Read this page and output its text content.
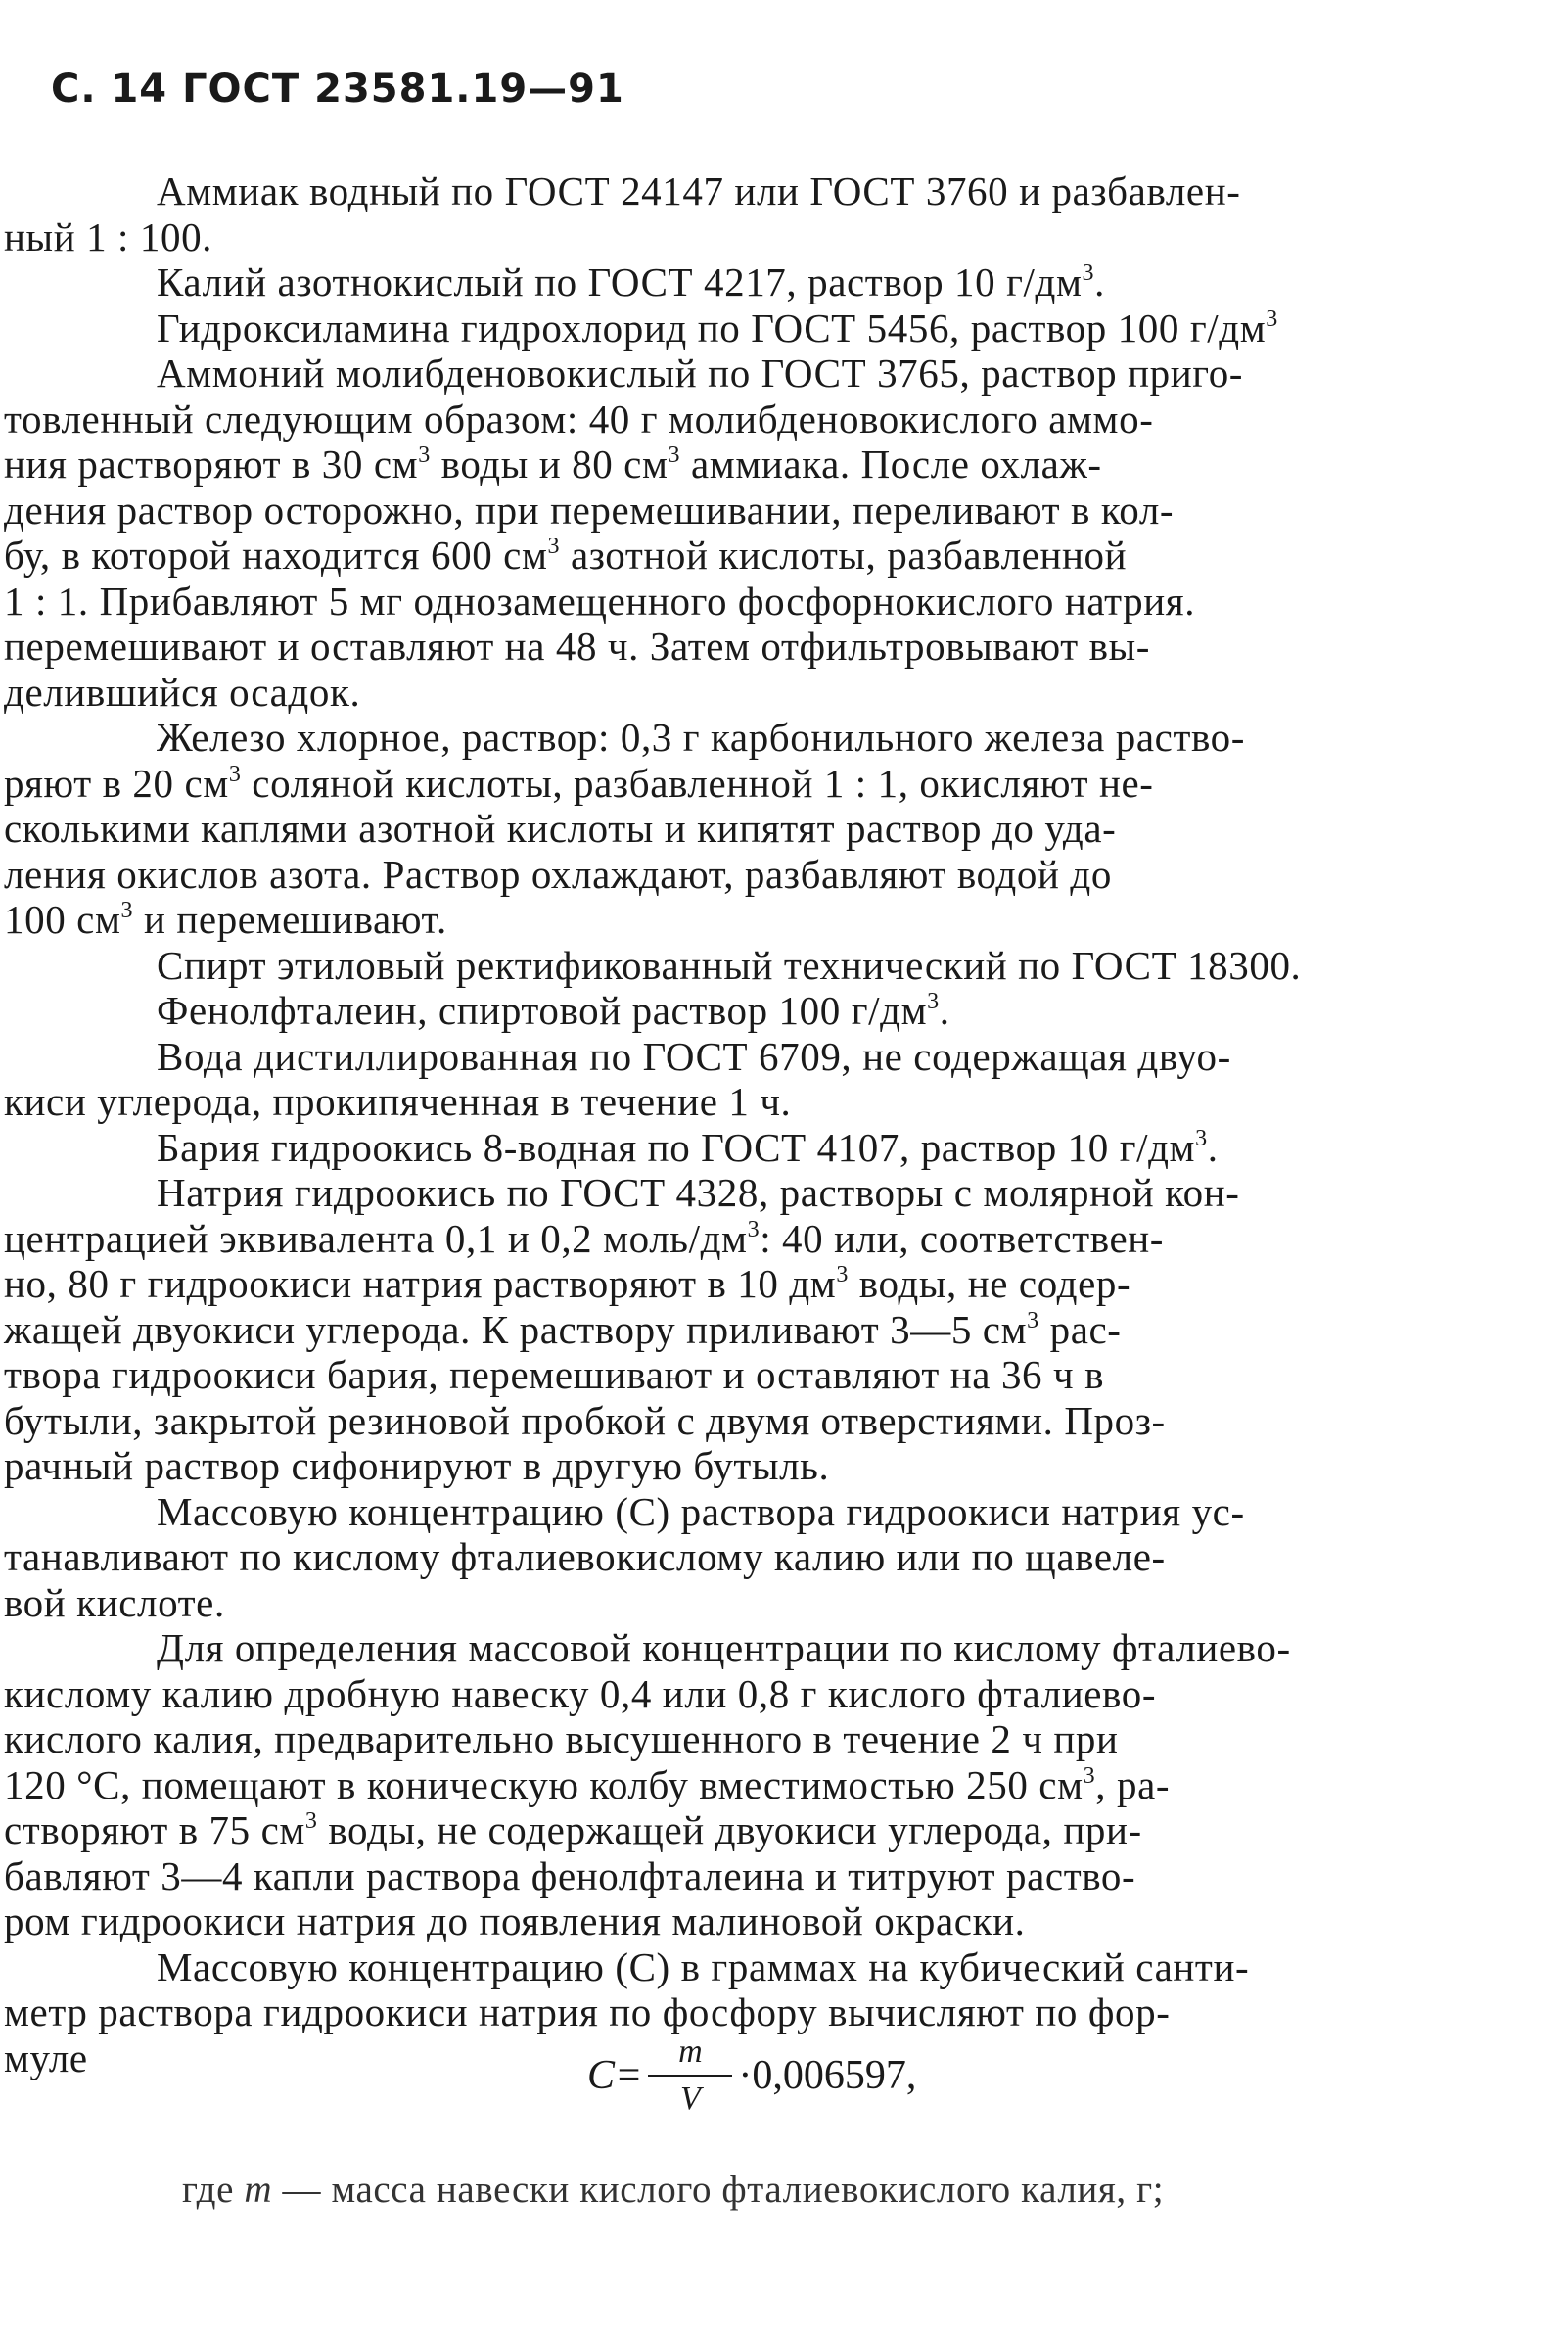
С. 14 ГОСТ 23581.19—91

Аммиак водный по ГОСТ 24147 или ГОСТ 3760 и разбавлен-

ный 1 : 100.

Калий азотнокислый по ГОСТ 4217, раствор 10 $г/дм^3$.

Гидроксиламина гидрохлорид по ГОСТ 5456, раствор 100 $г/дм^3$

Аммоний молибденовокислый по ГОСТ 3765, раствор приго-

товленный следующим образом: 40 г молибденовокислого аммо-

ния растворяют в 30 $см^3$ воды и 80 $см^3$ аммиака. После охлаж-

дения раствор осторожно, при перемешивании, переливают в кол-

бу, в которой находится 600 $см^3$ азотной кислоты, разбавленной

1 : 1. Прибавляют 5 мг однозамещенного фосфорнокислого натрия.

перемешивают и оставляют на 48 ч. Затем отфильтровывают вы-

делившийся осадок.

Железо хлорное, раствор: 0,3 г карбонильного железа раство-

ряют в 20 $см^3$ соляной кислоты, разбавленной 1 : 1, окисляют не-

сколькими каплями азотной кислоты и кипятят раствор до уда-

ления окислов азота. Раствор охлаждают, разбавляют водой до

100 $см^3$ и перемешивают.

Спирт этиловый ректификованный технический по ГОСТ 18300.

Фенолфталеин, спиртовой раствор 100 $г/дм^3$.

Вода дистиллированная по ГОСТ 6709, не содержащая двуо-

киси углерода, прокипяченная в течение 1 ч.

Бария гидроокись 8-водная по ГОСТ 4107, раствор 10 $г/дм^3$.

Натрия гидроокись по ГОСТ 4328, растворы с молярной кон-

центрацией эквивалента 0,1 и 0,2 моль/$дм^3$: 40 или, соответствен-

но, 80 г гидроокиси натрия растворяют в 10 $дм^3$ воды, не содер-

жащей двуокиси углерода. К раствору приливают 3—5 $см^3$ рас-

твора гидроокиси бария, перемешивают и оставляют на 36 ч в

бутыли, закрытой резиновой пробкой с двумя отверстиями. Проз-

рачный раствор сифонируют в другую бутыль.

Массовую концентрацию (С) раствора гидроокиси натрия ус-

танавливают по кислому фталиевокислому калию или по щавеле-

вой кислоте.

Для определения массовой концентрации по кислому фталиево-

кислому калию дробную навеску 0,4 или 0,8 г кислого фталиево-

кислого калия, предварительно высушенного в течение 2 ч при

120 °С, помещают в коническую колбу вместимостью 250 $см^3$, ра-

створяют в 75 $см^3$ воды, не содержащей двуокиси углерода, при-

бавляют 3—4 капли раствора фенолфталеина и титруют раство-

ром гидроокиси натрия до появления малиновой окраски.

Массовую концентрацию (С) в граммах на кубический санти-

метр раствора гидроокиси натрия по фосфору вычисляют по фор-

муле	$С= \frac{m}{V} \cdot 0,006597$,
где m — масса навески кислого фталиевокислого калия, г;
